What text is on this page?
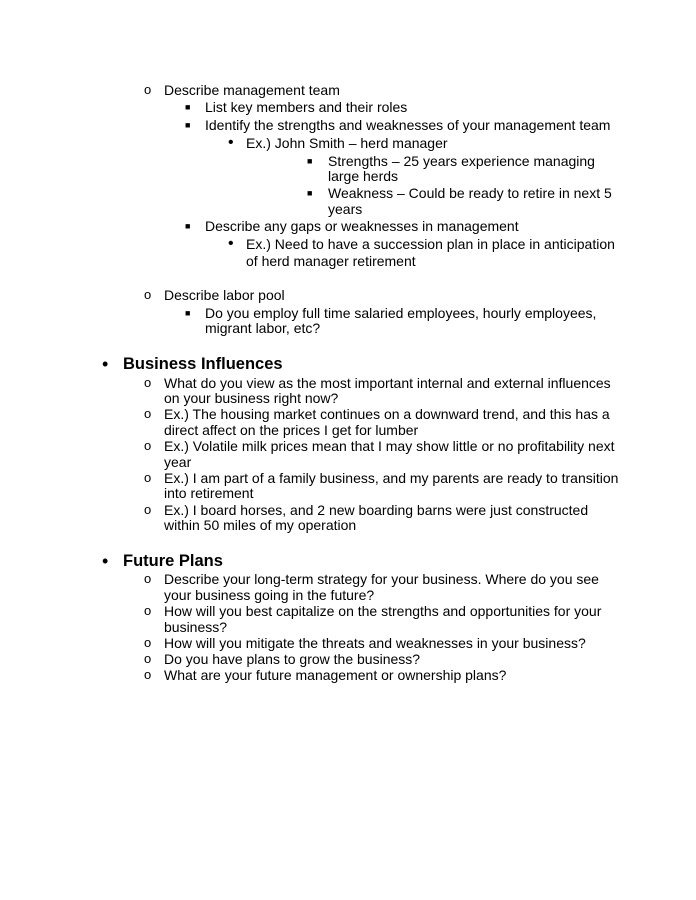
o Describe management team
■ List key members and their roles
■ Identify the strengths and weaknesses of your management team
• Ex.) John Smith – herd manager
■ Strengths – 25 years experience managing
large herds
■ Weakness – Could be ready to retire in next 5
years
■ Describe any gaps or weaknesses in management
• Ex.) Need to have a succession plan in place in anticipation
of herd manager retirement
o Describe labor pool
■ Do you employ full time salaried employees, hourly employees,
migrant labor, etc?
• Business Influences
o What do you view as the most important internal and external influences
on your business right now?
o Ex.) The housing market continues on a downward trend, and this has a
direct affect on the prices I get for lumber
o Ex.) Volatile milk prices mean that I may show little or no profitability next
year
o Ex.) I am part of a family business, and my parents are ready to transition
into retirement
o Ex.) I board horses, and 2 new boarding barns were just constructed
within 50 miles of my operation
• Future Plans
o Describe your long-term strategy for your business. Where do you see
your business going in the future?
o How will you best capitalize on the strengths and opportunities for your
business?
o How will you mitigate the threats and weaknesses in your business?
o Do you have plans to grow the business?
o What are your future management or ownership plans?
